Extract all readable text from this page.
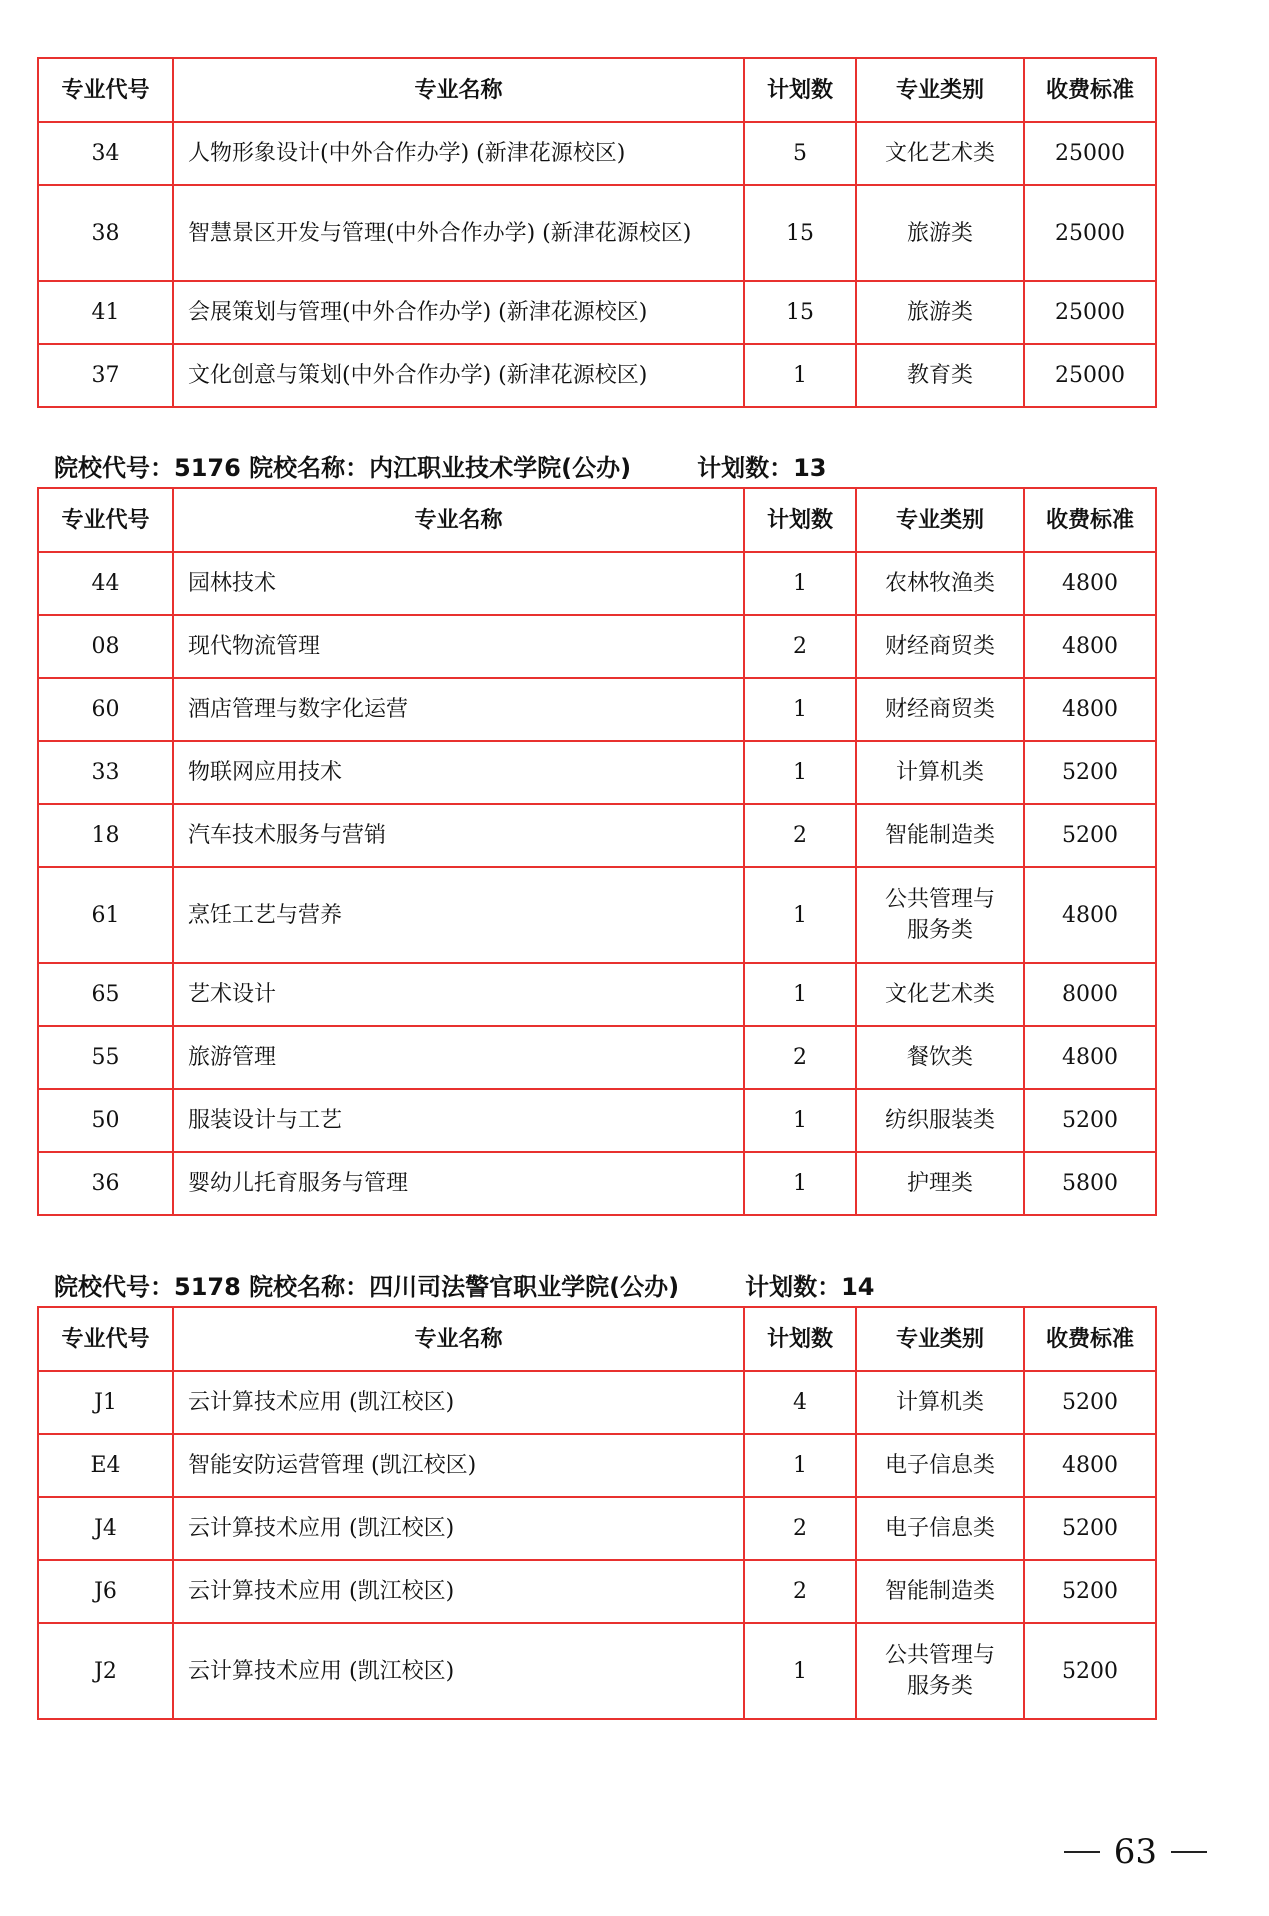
专业代号	专业名称	计划数	专业类别	收费标准
34	人物形象设计(中外合作办学) (新津花源校区)	5	文化艺术类	25000
38	智慧景区开发与管理(中外合作办学) (新津花源校区)	15	旅游类	25000
41	会展策划与管理(中外合作办学) (新津花源校区)	15	旅游类	25000
37	文化创意与策划(中外合作办学) (新津花源校区)	1	教育类	25000
院校代号：5176 院校名称：内江职业技术学院(公办)	计划数：13
专业代号	专业名称	计划数	专业类别	收费标准
44	园林技术	1	农林牧渔类	4800
08	现代物流管理	2	财经商贸类	4800
60	酒店管理与数字化运营	1	财经商贸类	4800
33	物联网应用技术	1	计算机类	5200
18	汽车技术服务与营销	2	智能制造类	5200
61	烹饪工艺与营养	1	公共管理与服务类	4800
65	艺术设计	1	文化艺术类	8000
55	旅游管理	2	餐饮类	4800
50	服装设计与工艺	1	纺织服装类	5200
36	婴幼儿托育服务与管理	1	护理类	5800
院校代号：5178 院校名称：四川司法警官职业学院(公办)	计划数：14
专业代号	专业名称	计划数	专业类别	收费标准
J1	云计算技术应用 (凯江校区)	4	计算机类	5200
E4	智能安防运营管理 (凯江校区)	1	电子信息类	4800
J4	云计算技术应用 (凯江校区)	2	电子信息类	5200
J6	云计算技术应用 (凯江校区)	2	智能制造类	5200
J2	云计算技术应用 (凯江校区)	1	公共管理与服务类	5200
63
